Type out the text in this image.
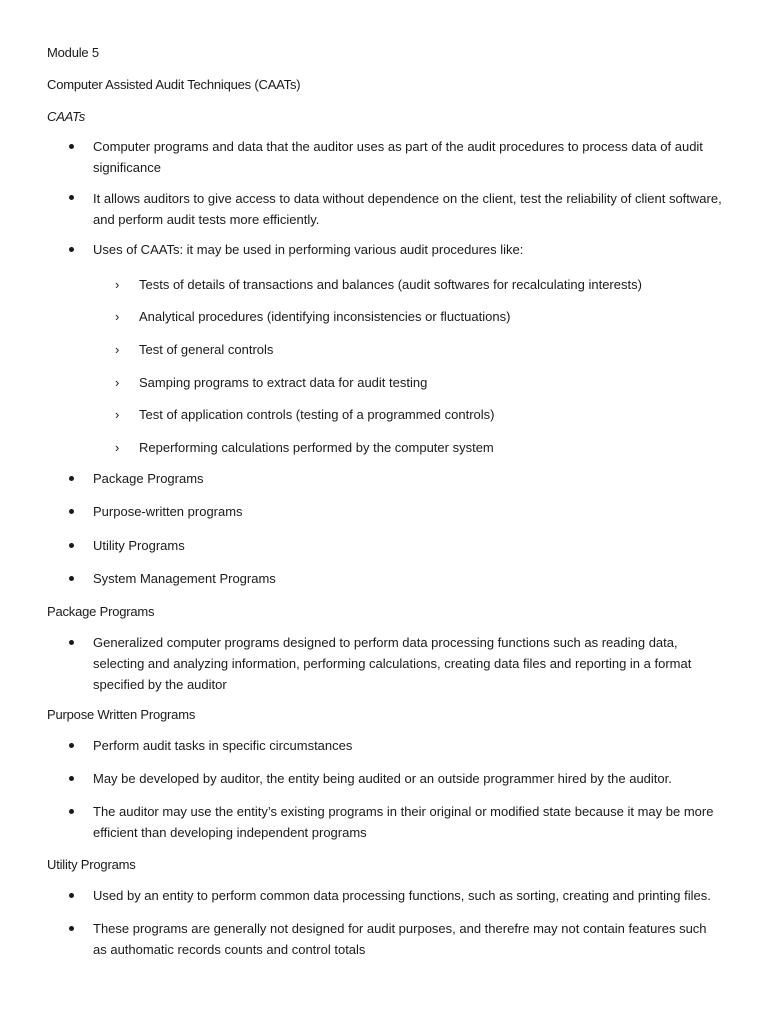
Module 5
Computer Assisted Audit Techniques (CAATs)
CAATs
Computer programs and data that the auditor uses as part of the audit procedures to process data of audit significance
It allows auditors to give access to data without dependence on the client, test the reliability of client software, and perform audit tests more efficiently.
Uses of CAATs: it may be used in performing various audit procedures like:
› Tests of details of transactions and balances (audit softwares for recalculating interests)
› Analytical procedures (identifying inconsistencies or fluctuations)
› Test of general controls
› Samping programs to extract data for audit testing
› Test of application controls (testing of a programmed controls)
› Reperforming calculations performed by the computer system
Package Programs
Purpose-written programs
Utility Programs
System Management Programs
Package Programs
Generalized computer programs designed to perform data processing functions such as reading data, selecting and analyzing information, performing calculations, creating data files and reporting in a format specified by the auditor
Purpose Written Programs
Perform audit tasks in specific circumstances
May be developed by auditor, the entity being audited or an outside programmer hired by the auditor.
The auditor may use the entity’s existing programs in their original or modified state because it may be more efficient than developing independent programs
Utility Programs
Used by an entity to perform common data processing functions, such as sorting, creating and printing files.
These programs are generally not designed for audit purposes, and therefre may not contain features such as authomatic records counts and control totals
